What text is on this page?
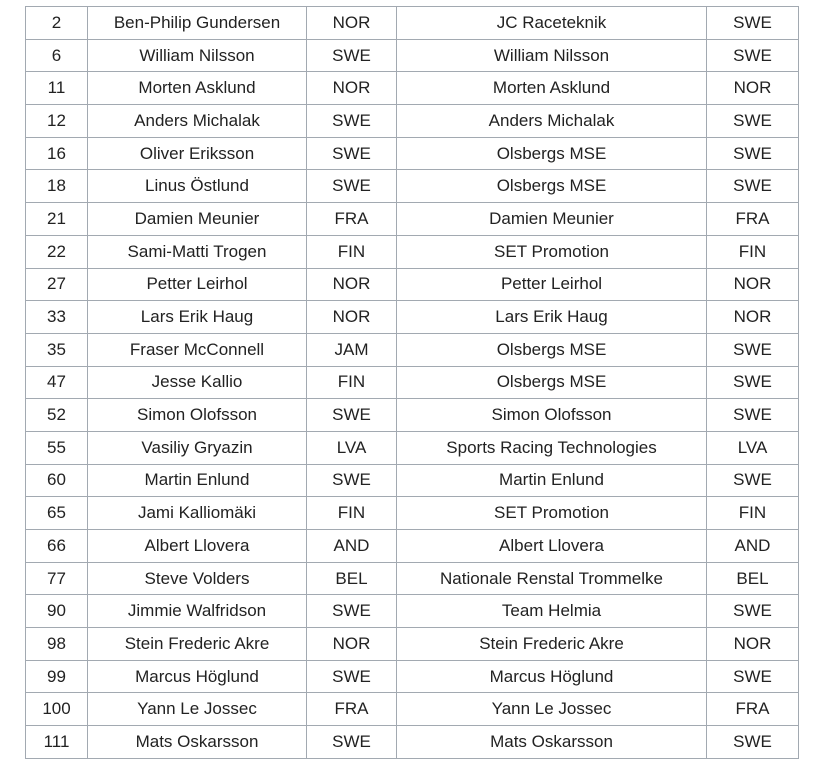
2	Ben-Philip Gundersen	NOR	JC Raceteknik	SWE
6	William Nilsson	SWE	William Nilsson	SWE
11	Morten Asklund	NOR	Morten Asklund	NOR
12	Anders Michalak	SWE	Anders Michalak	SWE
16	Oliver Eriksson	SWE	Olsbergs MSE	SWE
18	Linus Östlund	SWE	Olsbergs MSE	SWE
21	Damien Meunier	FRA	Damien Meunier	FRA
22	Sami-Matti Trogen	FIN	SET Promotion	FIN
27	Petter Leirhol	NOR	Petter Leirhol	NOR
33	Lars Erik Haug	NOR	Lars Erik Haug	NOR
35	Fraser McConnell	JAM	Olsbergs MSE	SWE
47	Jesse Kallio	FIN	Olsbergs MSE	SWE
52	Simon Olofsson	SWE	Simon Olofsson	SWE
55	Vasiliy Gryazin	LVA	Sports Racing Technologies	LVA
60	Martin Enlund	SWE	Martin Enlund	SWE
65	Jami Kalliomäki	FIN	SET Promotion	FIN
66	Albert Llovera	AND	Albert Llovera	AND
77	Steve Volders	BEL	Nationale Renstal Trommelke	BEL
90	Jimmie Walfridson	SWE	Team Helmia	SWE
98	Stein Frederic Akre	NOR	Stein Frederic Akre	NOR
99	Marcus Höglund	SWE	Marcus Höglund	SWE
100	Yann Le Jossec	FRA	Yann Le Jossec	FRA
111	Mats Oskarsson	SWE	Mats Oskarsson	SWE
